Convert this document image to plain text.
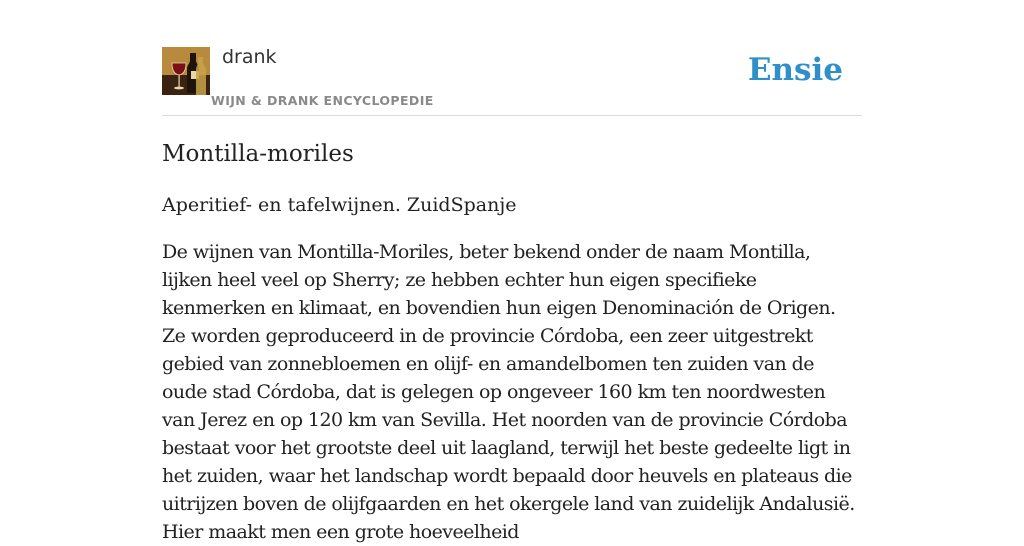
drank
WIJN & DRANK ENCYCLOPEDIE
Ensie
Montilla-moriles

Aperitief- en tafelwijnen. ZuidSpanje

De wijnen van Montilla-Moriles, beter bekend onder de naam Montilla, lijken heel veel op Sherry; ze hebben echter hun eigen specifieke kenmerken en klimaat, en bovendien hun eigen Denominación de Origen. Ze worden geproduceerd in de provincie Córdoba, een zeer uitgestrekt gebied van zonnebloemen en olijf- en amandelbomen ten zuiden van de oude stad Córdoba, dat is gelegen op ongeveer 160 km ten noordwesten van Jerez en op 120 km van Sevilla. Het noorden van de provincie Córdoba bestaat voor het grootste deel uit laagland, terwijl het beste gedeelte ligt in het zuiden, waar het landschap wordt bepaald door heuvels en plateaus die uitrijzen boven de olijfgaarden en het okergele land van zuidelijk Andalusië. Hier maakt men een grote hoeveelheid
